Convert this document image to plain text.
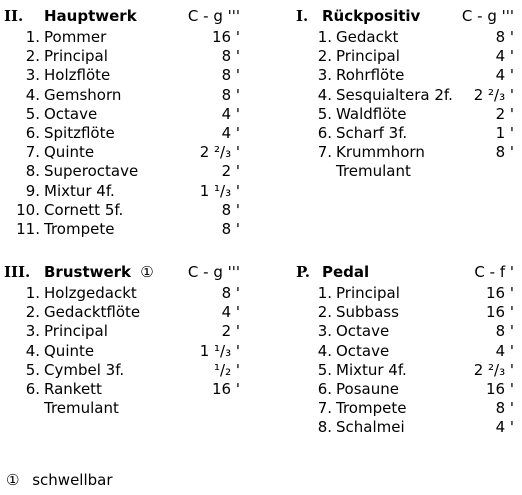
II. Hauptwerk	C - g '''
1. Pommer	16 '
2. Principal	8 '
3. Holzflöte	8 '
4. Gemshorn	8 '
5. Octave	4 '
6. Spitzflöte	4 '
7. Quinte	2 ²/₃ '
8. Superoctave	2 '
9. Mixtur 4f.	1 ¹/₃ '
10. Cornett 5f.	8 '
11. Trompete	8 '
I. Rückpositiv	C - g '''
1. Gedackt	8 '
2. Principal	4 '
3. Rohrflöte	4 '
4. Sesquialtera 2f. 2 ²/₃ '
5. Waldflöte	2 '
6. Scharf 3f.	1 '
7. Krummhorn	8 '
Tremulant
III. Brustwerk ① C - g '''
1. Holzgedackt	8 '
2. Gedacktflöte	4 '
3. Principal	2 '
4. Quinte	1 ¹/₃ '
5. Cymbel 3f.	¹/₂ '
6. Rankett	16 '
Tremulant
P. Pedal	C - f '
1. Principal	16 '
2. Subbass	16 '
3. Octave	8 '
4. Octave	4 '
5. Mixtur 4f.	2 ²/₃ '
6. Posaune	16 '
7. Trompete	8 '
8. Schalmei	4 '
① schwellbar
